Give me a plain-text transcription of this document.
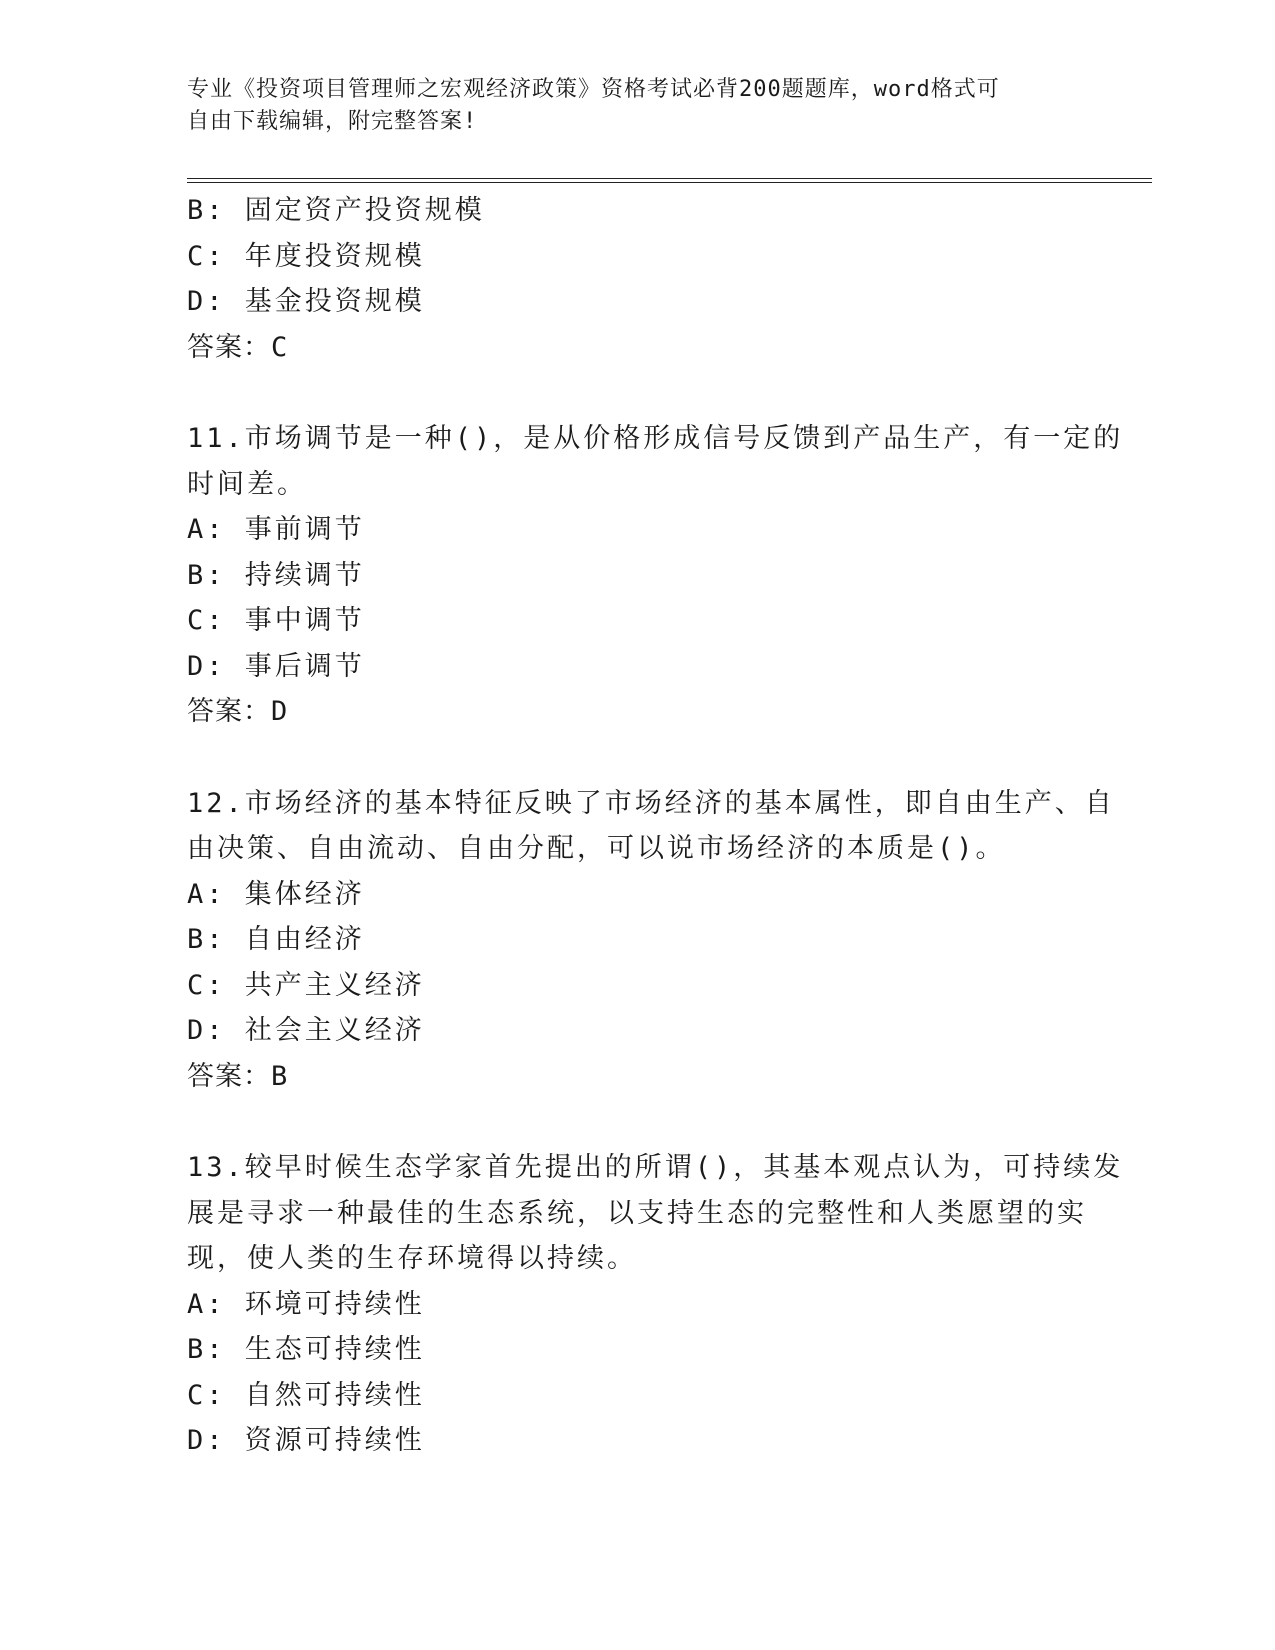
专业《投资项目管理师之宏观经济政策》资格考试必背200题题库，word格式可
自由下载编辑，附完整答案!
B: 固定资产投资规模
C: 年度投资规模
D: 基金投资规模
答案：C
11.市场调节是一种()，是从价格形成信号反馈到产品生产，有一定的
时间差。
A: 事前调节
B: 持续调节
C: 事中调节
D: 事后调节
答案：D
12.市场经济的基本特征反映了市场经济的基本属性，即自由生产、自
由决策、自由流动、自由分配，可以说市场经济的本质是()。
A: 集体经济
B: 自由经济
C: 共产主义经济
D: 社会主义经济
答案：B
13.较早时候生态学家首先提出的所谓()，其基本观点认为，可持续发
展是寻求一种最佳的生态系统，以支持生态的完整性和人类愿望的实
现，使人类的生存环境得以持续。
A: 环境可持续性
B: 生态可持续性
C: 自然可持续性
D: 资源可持续性
